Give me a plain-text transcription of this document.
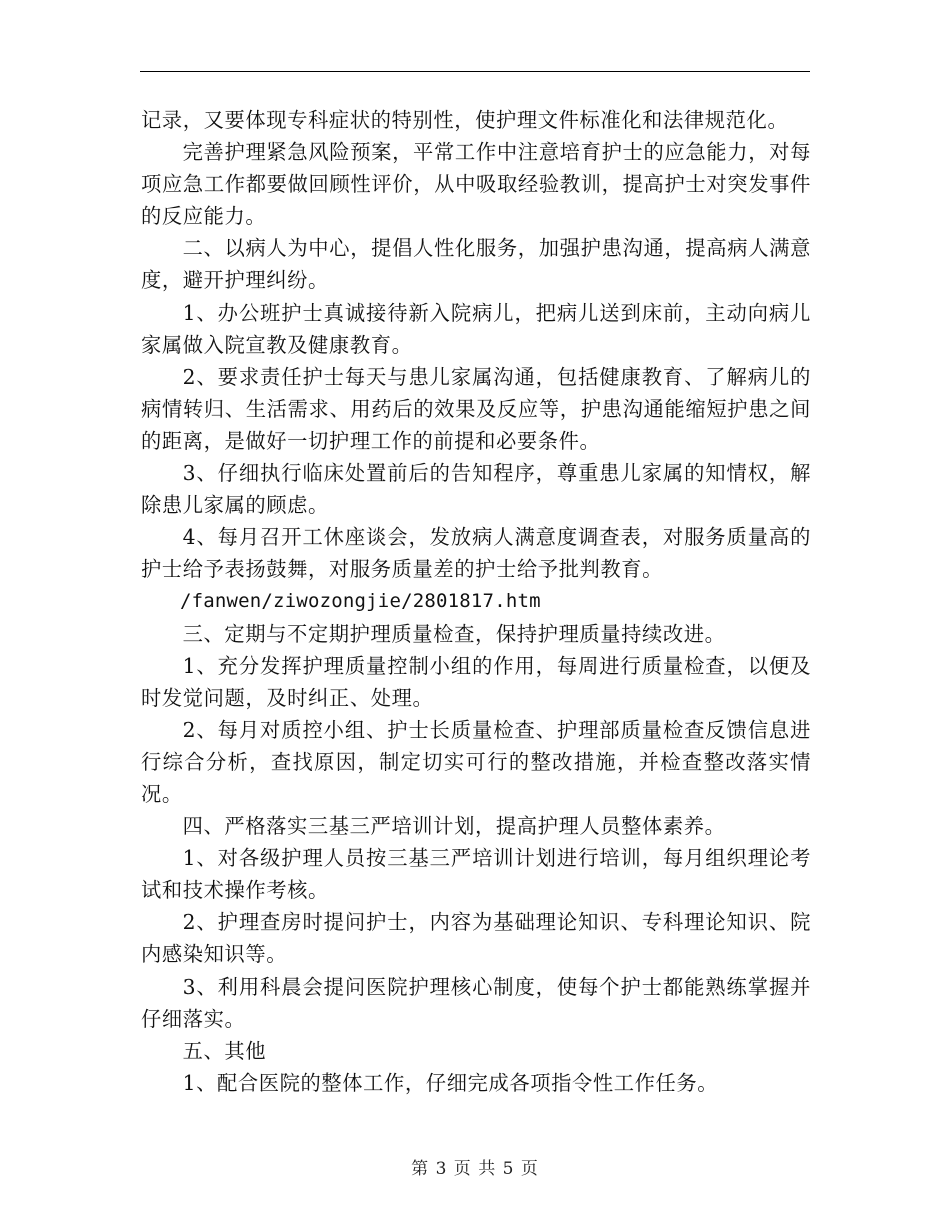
记录，又要体现专科症状的特别性，使护理文件标准化和法律规范化。

完善护理紧急风险预案，平常工作中注意培育护士的应急能力，对每项应急工作都要做回顾性评价，从中吸取经验教训，提高护士对突发事件的反应能力。

二、以病人为中心，提倡人性化服务，加强护患沟通，提高病人满意度，避开护理纠纷。

1、办公班护士真诚接待新入院病儿，把病儿送到床前，主动向病儿家属做入院宣教及健康教育。

2、要求责任护士每天与患儿家属沟通，包括健康教育、了解病儿的病情转归、生活需求、用药后的效果及反应等，护患沟通能缩短护患之间的距离，是做好一切护理工作的前提和必要条件。

3、仔细执行临床处置前后的告知程序，尊重患儿家属的知情权，解除患儿家属的顾虑。

4、每月召开工休座谈会，发放病人满意度调查表，对服务质量高的护士给予表扬鼓舞，对服务质量差的护士给予批判教育。

/fanwen/ziwozongjie/2801817.htm

三、定期与不定期护理质量检查，保持护理质量持续改进。

1、充分发挥护理质量控制小组的作用，每周进行质量检查，以便及时发觉问题，及时纠正、处理。

2、每月对质控小组、护士长质量检查、护理部质量检查反馈信息进行综合分析，查找原因，制定切实可行的整改措施，并检查整改落实情况。

四、严格落实三基三严培训计划，提高护理人员整体素养。

1、对各级护理人员按三基三严培训计划进行培训，每月组织理论考试和技术操作考核。

2、护理查房时提问护士，内容为基础理论知识、专科理论知识、院内感染知识等。

3、利用科晨会提问医院护理核心制度，使每个护士都能熟练掌握并仔细落实。

五、其他

1、配合医院的整体工作，仔细完成各项指令性工作任务。

第 3 页 共 5 页
